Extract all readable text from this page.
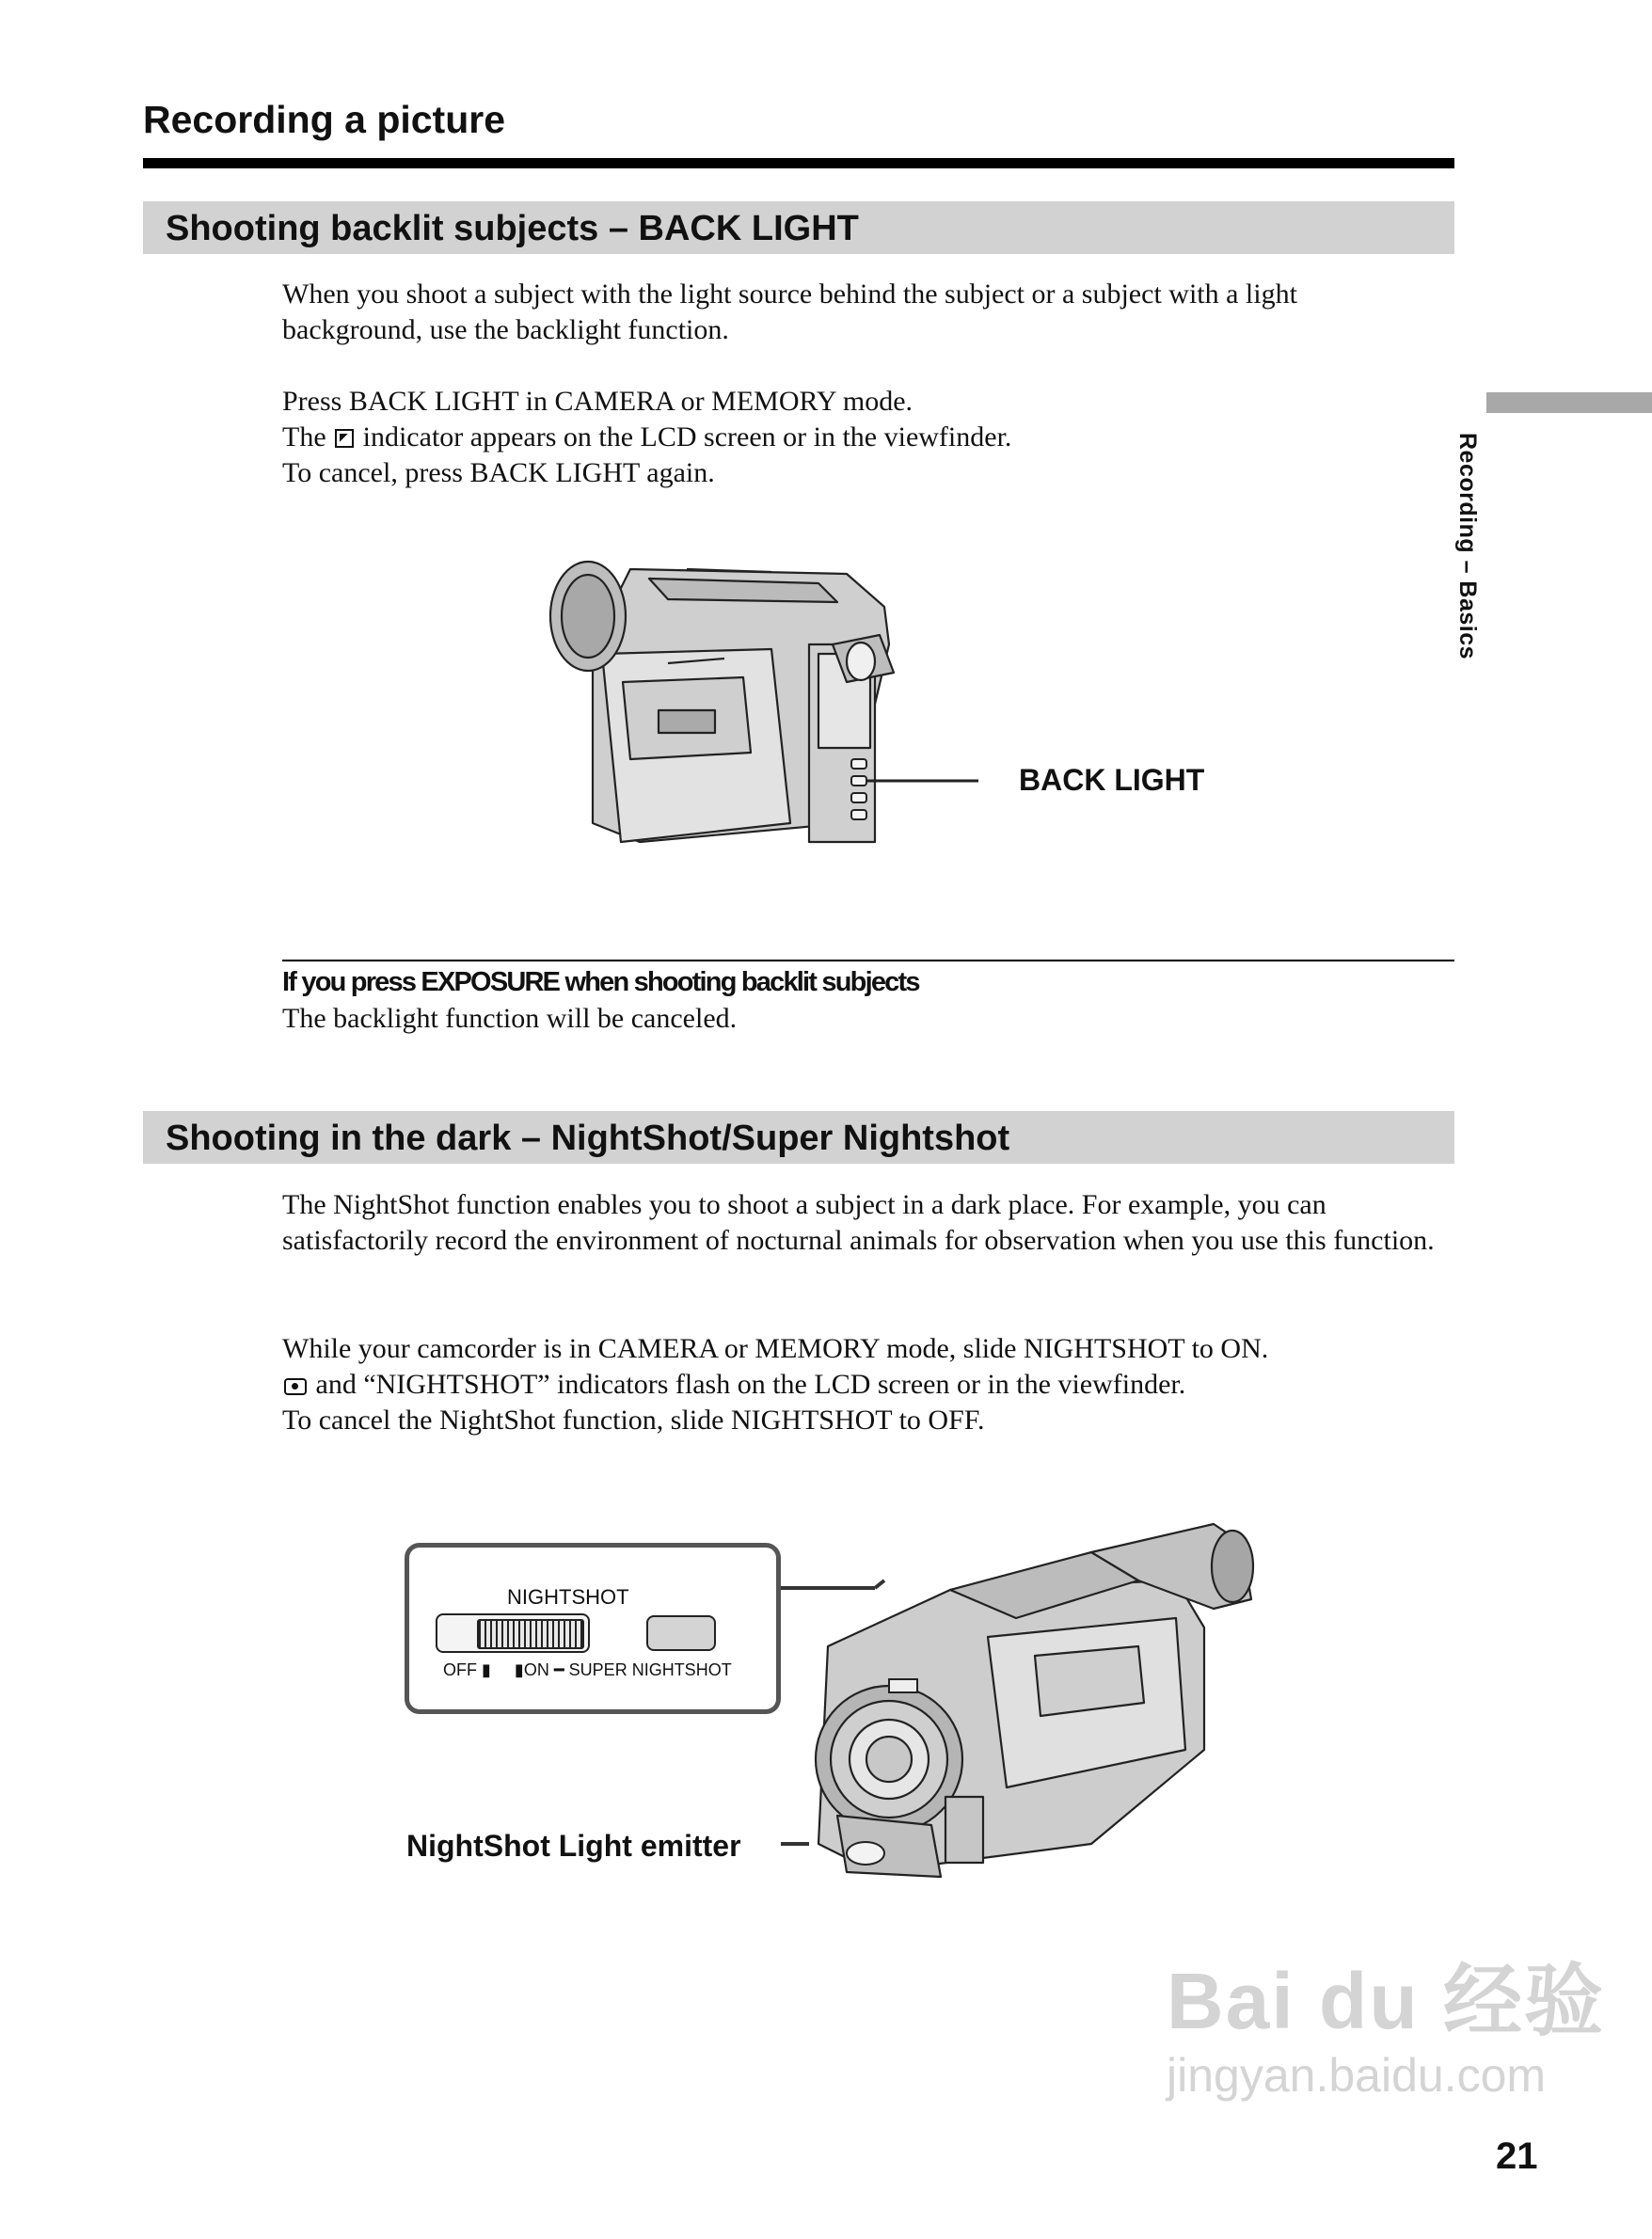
Recording a picture
Recording – Basics
Shooting backlit subjects – BACK LIGHT

When you shoot a subject with the light source behind the subject or a subject with a light background, use the backlight function.

Press BACK LIGHT in CAMERA or MEMORY mode.

The indicator appears on the LCD screen or in the viewfinder.

To cancel, press BACK LIGHT again.

BACK LIGHT
If you press EXPOSURE when shooting backlit subjects
The backlight function will be canceled.
Shooting in the dark – NightShot/Super Nightshot

The NightShot function enables you to shoot a subject in a dark place. For example, you can satisfactorily record the environment of nocturnal animals for observation when you use this function.

While your camcorder is in CAMERA or MEMORY mode, slide NIGHTSHOT to ON.

and “NIGHTSHOT” indicators flash on the LCD screen or in the viewfinder.

To cancel the NightShot function, slide NIGHTSHOT to OFF.

NIGHTSHOT
OFF ▮     ▮ON ━ SUPER NIGHTSHOT
NightShot Light emitter
Bai du 经验
jingyan.baidu.com
21
